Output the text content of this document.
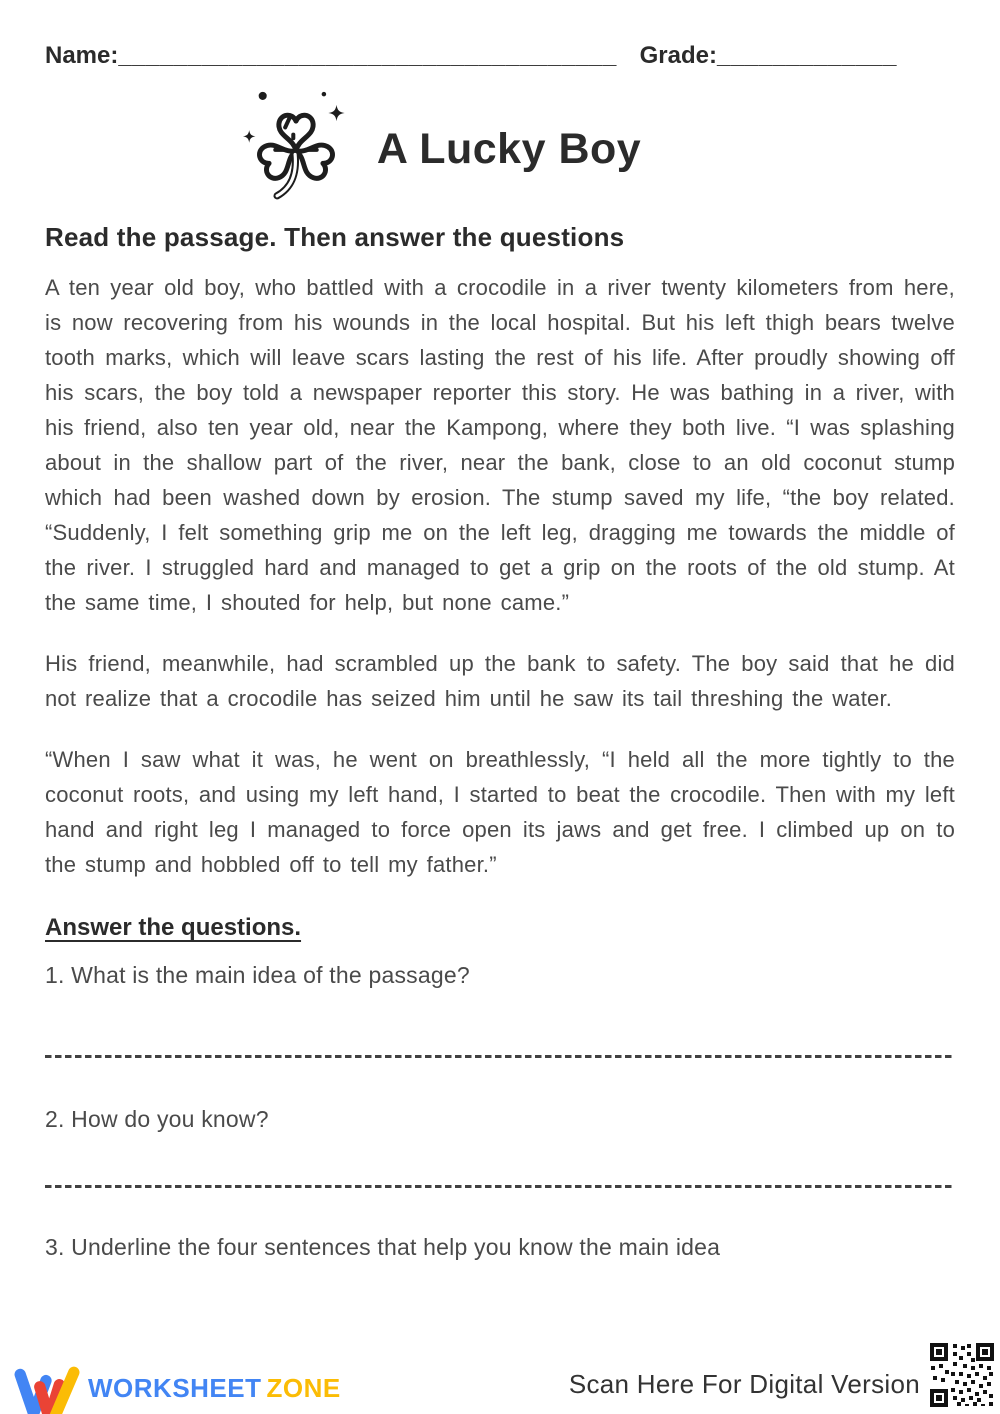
Name:____________________________________ Grade:_____________
A Lucky Boy
Read the passage. Then answer the questions

A ten year old boy, who battled with a crocodile in a river twenty kilometers from here, is now recovering from his wounds in the local hospital. But his left thigh bears twelve tooth marks, which will leave scars lasting the rest of his life. After proudly showing off his scars, the boy told a newspaper reporter this story. He was bathing in a river, with his friend, also ten year old, near the Kampong, where they both live. “I was splashing about in the shallow part of the river, near the bank, close to an old coconut stump which had been washed down by erosion. The stump saved my life, “the boy related. “Suddenly, I felt something grip me on the left leg, dragging me towards the middle of the river. I struggled hard and managed to get a grip on the roots of the old stump. At the same time, I shouted for help, but none came.”

His friend, meanwhile, had scrambled up the bank to safety. The boy said that he did not realize that a crocodile has seized him until he saw its tail threshing the water.

“When I saw what it was, he went on breathlessly, “I held all the more tightly to the coconut roots, and using my left hand, I started to beat the crocodile. Then with my left hand and right leg I managed to force open its jaws and get free. I climbed up on to the stump and hobbled off to tell my father.”

Answer the questions.

1. What is the main idea of the passage?

2. How do you know?

3. Underline the four sentences that help you know the main idea

WORKSHEET ZONE	Scan Here For Digital Version
